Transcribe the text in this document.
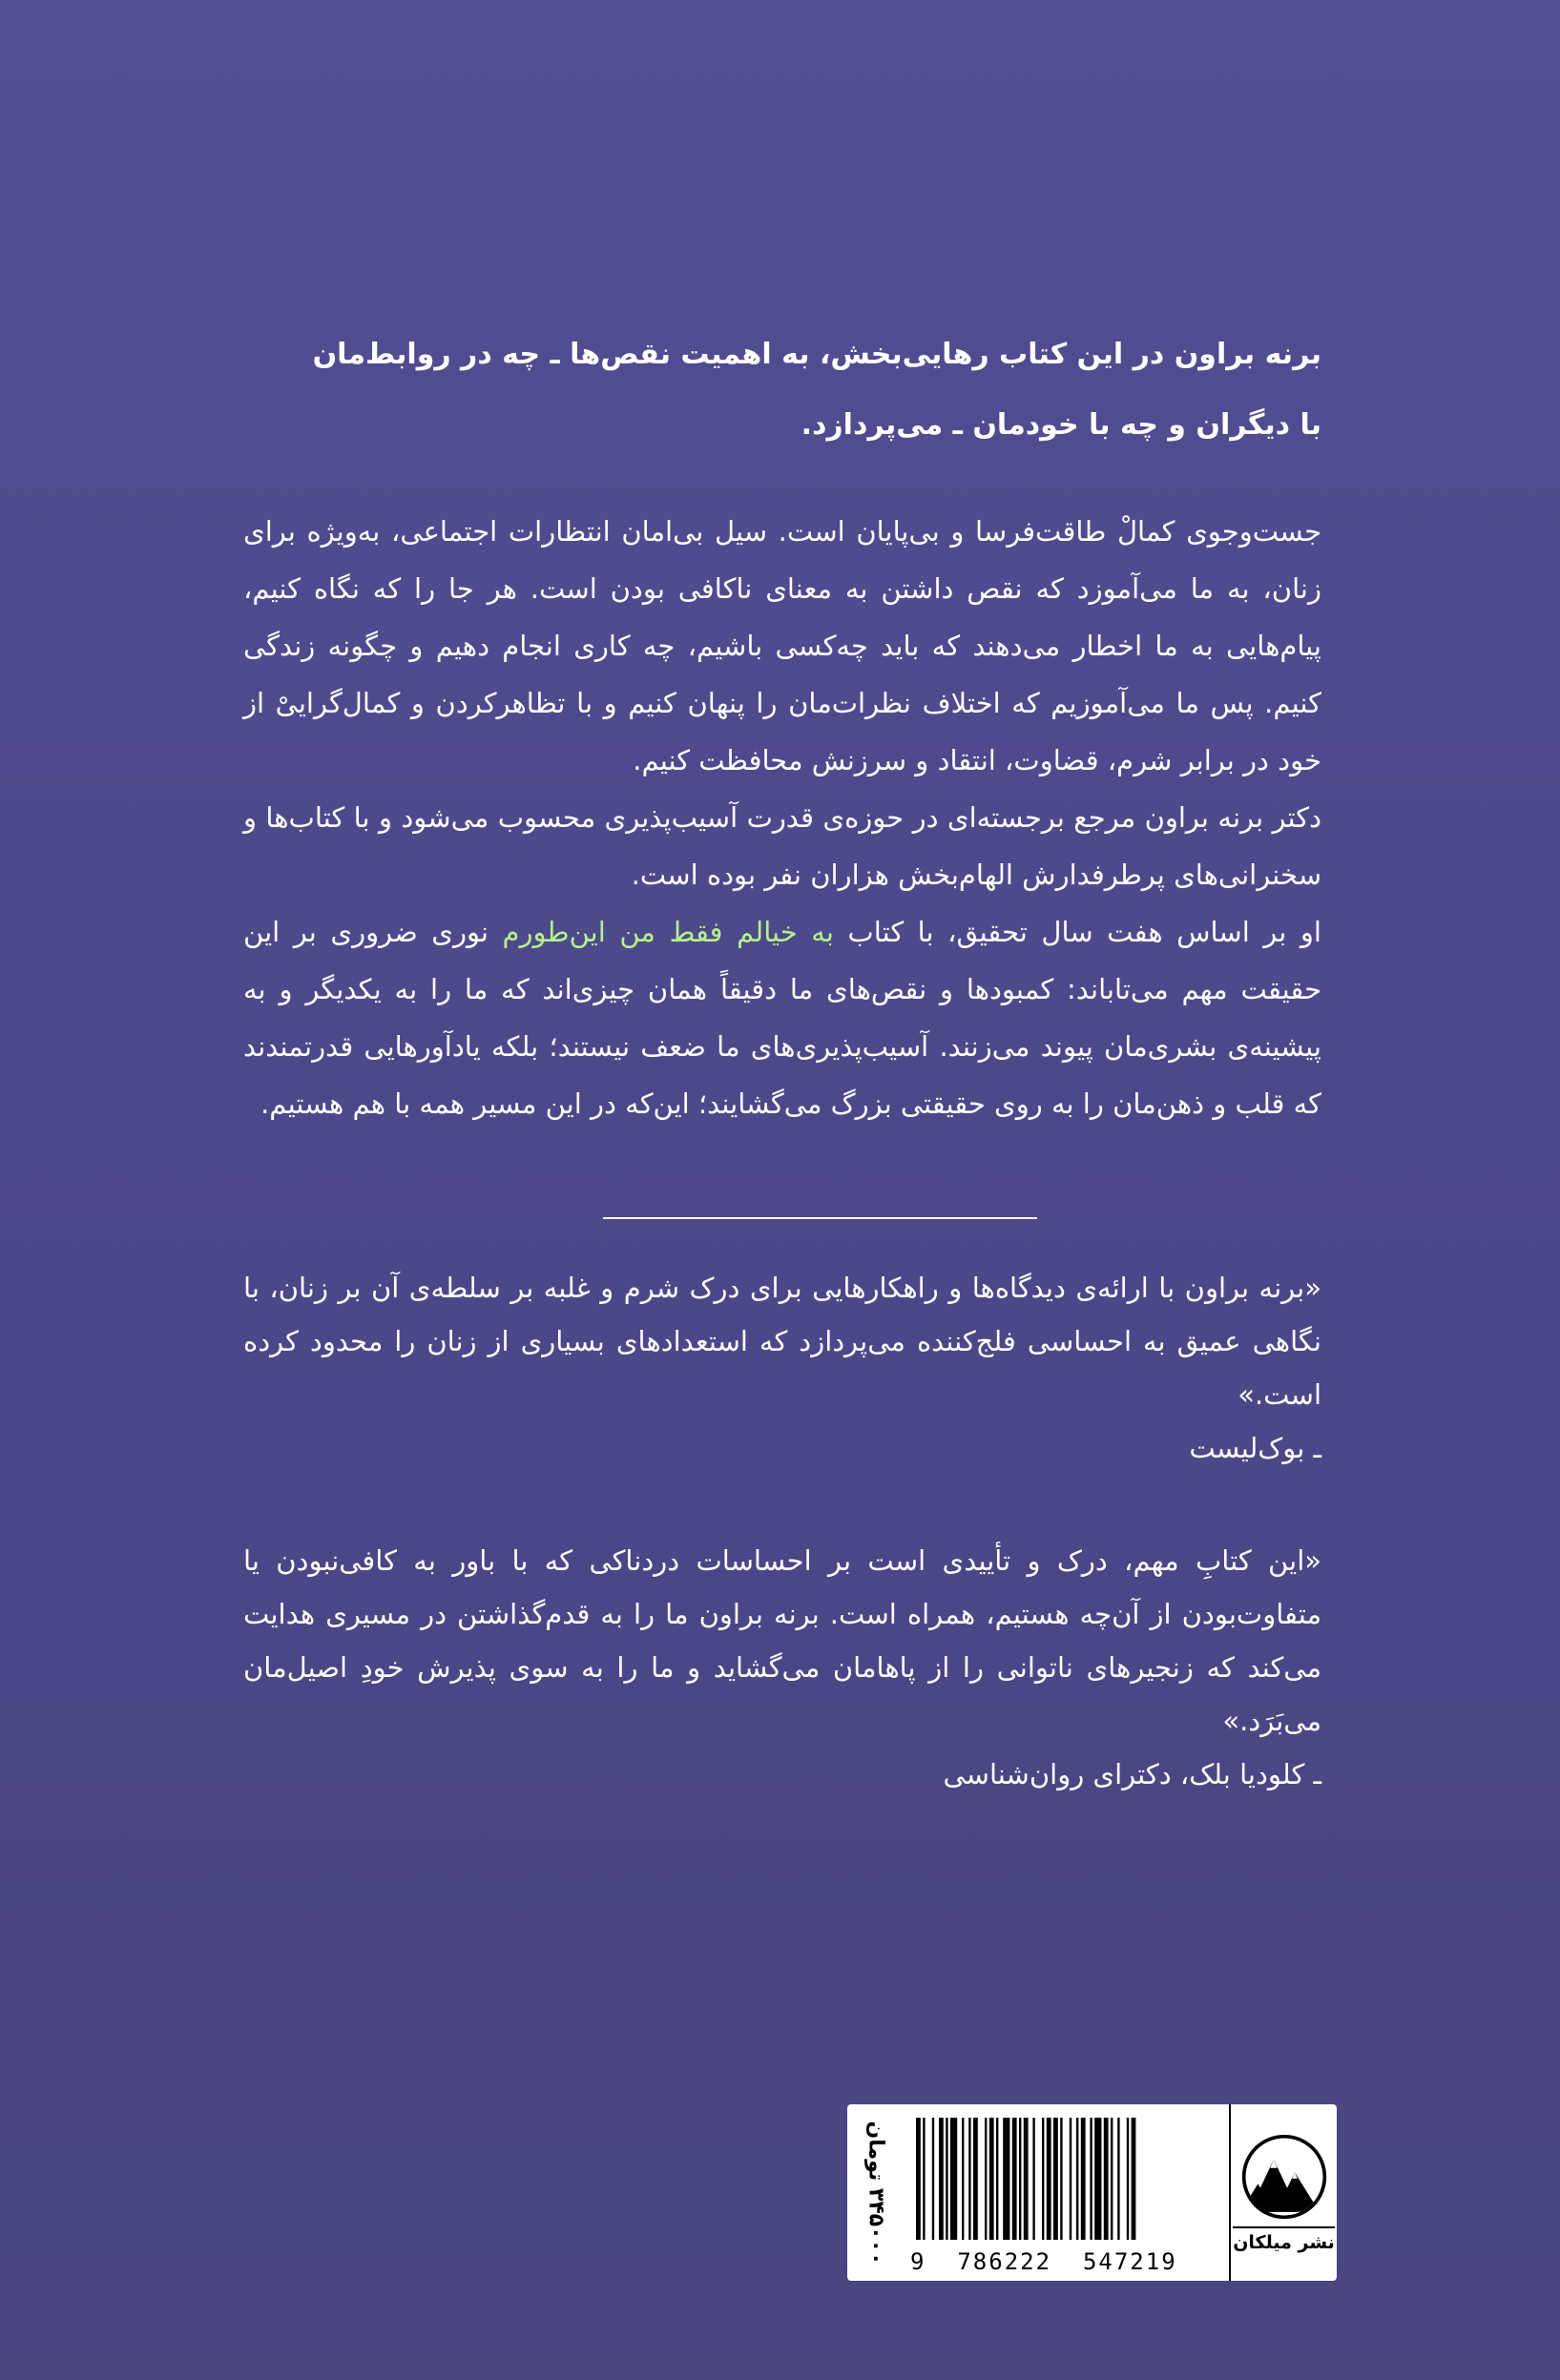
برنه براون در این کتاب رهایی‌بخش، به اهمیت نقص‌ها ـ چه در روابط‌مان
با دیگران و چه با خودمان ـ می‌پردازد.

جست‌وجوی کمالْ طاقت‌فرسا و بی‌پایان است. سیل بی‌امان انتظارات اجتماعی، به‌ویژه برای زنان، به ما می‌آموزد که نقص داشتن به معنای ناکافی بودن است. هر جا را که نگاه کنیم، پیام‌هایی به ما اخطار می‌دهند که باید چه‌کسی باشیم، چه کاری انجام دهیم و چگونه زندگی کنیم. پس ما می‌آموزیم که اختلاف نظرات‌مان را پنهان کنیم و با تظاهرکردن و کمال‌گراییْ از خود در برابر شرم، قضاوت، انتقاد و سرزنش محافظت کنیم.

دکتر برنه براون مرجع برجسته‌ای در حوزه‌ی قدرت آسیب‌پذیری محسوب می‌شود و با کتاب‌ها و سخنرانی‌های پرطرفدارش الهام‌بخش هزاران نفر بوده است.

او بر اساس هفت سال تحقیق، با کتاب به خیالم فقط من این‌طورم نوری ضروری بر این حقیقت مهم می‌تاباند: کمبودها و نقص‌های ما دقیقاً همان چیزی‌اند که ما را به یکدیگر و به پیشینه‌ی بشری‌مان پیوند می‌زنند. آسیب‌پذیری‌های ما ضعف نیستند؛ بلکه یادآورهایی قدرتمندند که قلب و ذهن‌مان را به روی حقیقتی بزرگ می‌گشایند؛ این‌که در این مسیر همه با هم هستیم.

«برنه براون با ارائه‌ی دیدگاه‌ها و راهکارهایی برای درک شرم و غلبه بر سلطه‌ی آن بر زنان، با نگاهی عمیق به احساسی فلج‌کننده می‌پردازد که استعدادهای بسیاری از زنان را محدود کرده است.»

ـ بوک‌لیست

«این کتابِ مهم، درک و تأییدی است بر احساسات دردناکی که با باور به کافی‌نبودن یا متفاوت‌بودن از آن‌چه هستیم، همراه است. برنه براون ما را به قدم‌گذاشتن در مسیری هدایت می‌کند که زنجیرهای ناتوانی را از پاهامان می‌گشاید و ما را به سوی پذیرش خودِ اصیل‌مان می‌بَرَد.»

ـ کلودیا بلک، دکترای روان‌شناسی

۳۴۵۰۰۰ تومان 9  786222  547219
نشر میلکان
